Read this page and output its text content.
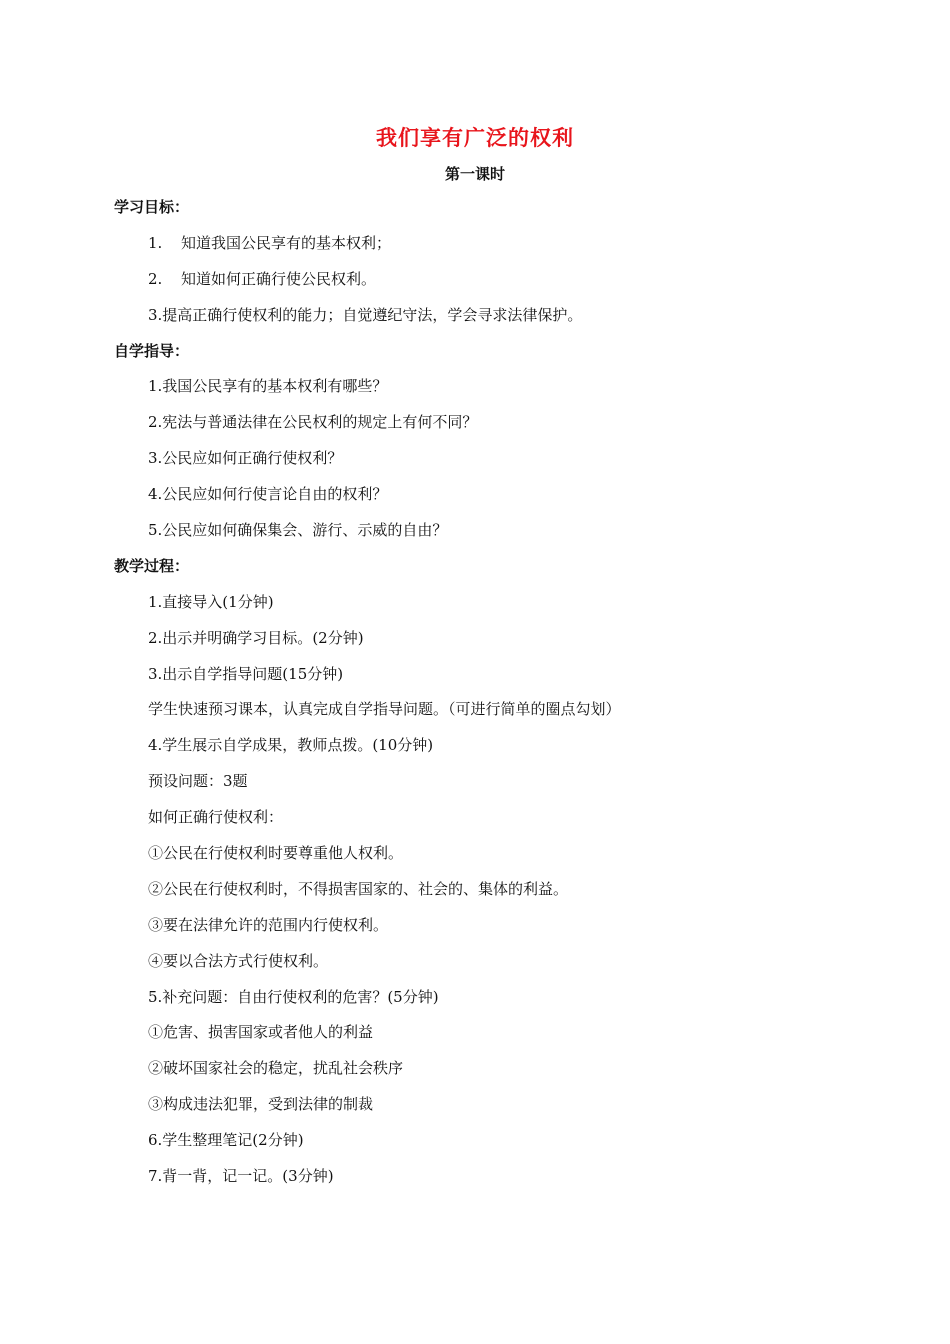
我们享有广泛的权利
第一课时
学习目标：
1. 知道我国公民享有的基本权利；
2. 知道如何正确行使公民权利。
3.提高正确行使权利的能力；自觉遵纪守法，学会寻求法律保护。
自学指导：
1.我国公民享有的基本权利有哪些？
2.宪法与普通法律在公民权利的规定上有何不同？
3.公民应如何正确行使权利？
4.公民应如何行使言论自由的权利？
5.公民应如何确保集会、游行、示威的自由？
教学过程：
1.直接导入(1分钟)
2.出示并明确学习目标。(2分钟)
3.出示自学指导问题(15分钟)
学生快速预习课本，认真完成自学指导问题。（可进行简单的圈点勾划）
4.学生展示自学成果，教师点拨。(10分钟)
预设问题：3题
如何正确行使权利：
①公民在行使权利时要尊重他人权利。
②公民在行使权利时，不得损害国家的、社会的、集体的利益。
③要在法律允许的范围内行使权利。
④要以合法方式行使权利。
5.补充问题：自由行使权利的危害？(5分钟)
①危害、损害国家或者他人的利益
②破坏国家社会的稳定，扰乱社会秩序
③构成违法犯罪，受到法律的制裁
6.学生整理笔记(2分钟)
7.背一背，记一记。(3分钟)
